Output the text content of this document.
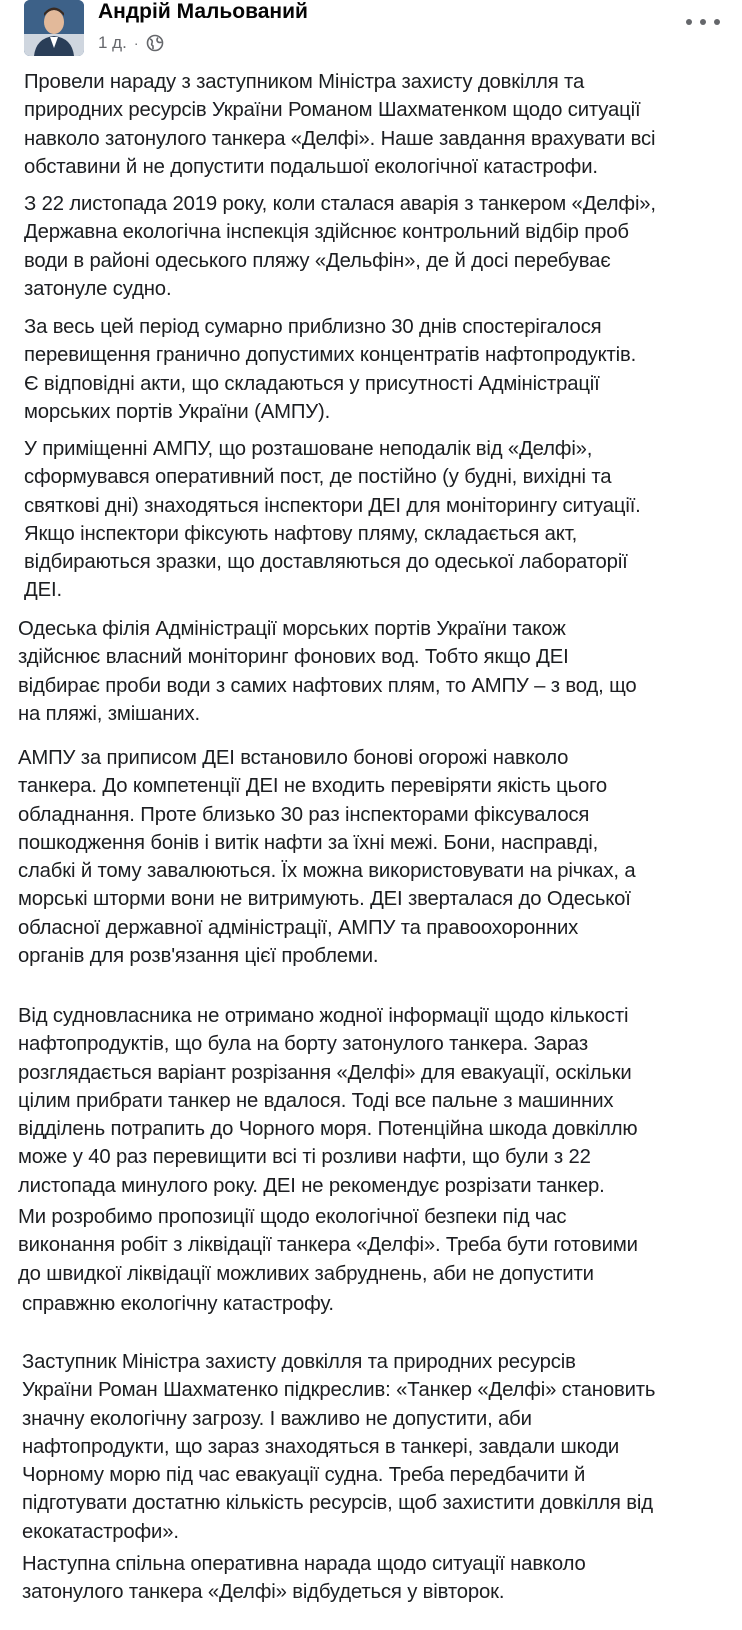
Андрій Мальований
1 д. ·

Провели нараду з заступником Міністра захисту довкілля та
природних ресурсів України Романом Шахматенком щодо ситуації
навколо затонулого танкера «Делфі». Наше завдання врахувати всі
обставини й не допустити подальшої екологічної катастрофи.

З 22 листопада 2019 року, коли сталася аварія з танкером «Делфі»,
Державна екологічна інспекція здійснює контрольний відбір проб
води в районі одеського пляжу «Дельфін», де й досі перебуває
затонуле судно.

За весь цей період сумарно приблизно 30 днів спостерігалося
перевищення гранично допустимих концентратів нафтопродуктів.
Є відповідні акти, що складаються у присутності Адміністрації
морських портів України (АМПУ).

У приміщенні АМПУ, що розташоване неподалік від «Делфі»,
сформувався оперативний пост, де постійно (у будні, вихідні та
святкові дні) знаходяться інспектори ДЕІ для моніторингу ситуації.
Якщо інспектори фіксують нафтову пляму, складається акт,
відбираються зразки, що доставляються до одеської лабораторії
ДЕІ.

Одеська філія Адміністрації морських портів України також
здійснює власний моніторинг фонових вод. Тобто якщо ДЕІ
відбирає проби води з самих нафтових плям, то АМПУ – з вод, що
на пляжі, змішаних.

АМПУ за приписом ДЕІ встановило бонові огорожі навколо
танкера. До компетенції ДЕІ не входить перевіряти якість цього
обладнання. Проте близько 30 раз інспекторами фіксувалося
пошкодження бонів і витік нафти за їхні межі. Бони, насправді,
слабкі й тому завалюються. Їх можна використовувати на річках, а
морські шторми вони не витримують. ДЕІ зверталася до Одеської
обласної державної адміністрації, АМПУ та правоохоронних
органів для розв'язання цієї проблеми.

Від судновласника не отримано жодної інформації щодо кількості
нафтопродуктів, що була на борту затонулого танкера. Зараз
розглядається варіант розрізання «Делфі» для евакуації, оскільки
цілим прибрати танкер не вдалося. Тоді все пальне з машинних
відділень потрапить до Чорного моря. Потенційна шкода довкіллю
може у 40 раз перевищити всі ті розливи нафти, що були з 22
листопада минулого року. ДЕІ не рекомендує розрізати танкер.

Ми розробимо пропозиції щодо екологічної безпеки під час
виконання робіт з ліквідації танкера «Делфі». Треба бути готовими
до швидкої ліквідації можливих забруднень, аби не допустити

справжню екологічну катастрофу.

Заступник Міністра захисту довкілля та природних ресурсів
України Роман Шахматенко підкреслив: «Танкер «Делфі» становить
значну екологічну загрозу. І важливо не допустити, аби
нафтопродукти, що зараз знаходяться в танкері, завдали шкоди
Чорному морю під час евакуації судна. Треба передбачити й
підготувати достатню кількість ресурсів, щоб захистити довкілля від
екокатастрофи».

Наступна спільна оперативна нарада щодо ситуації навколо
затонулого танкера «Делфі» відбудеться у вівторок.
